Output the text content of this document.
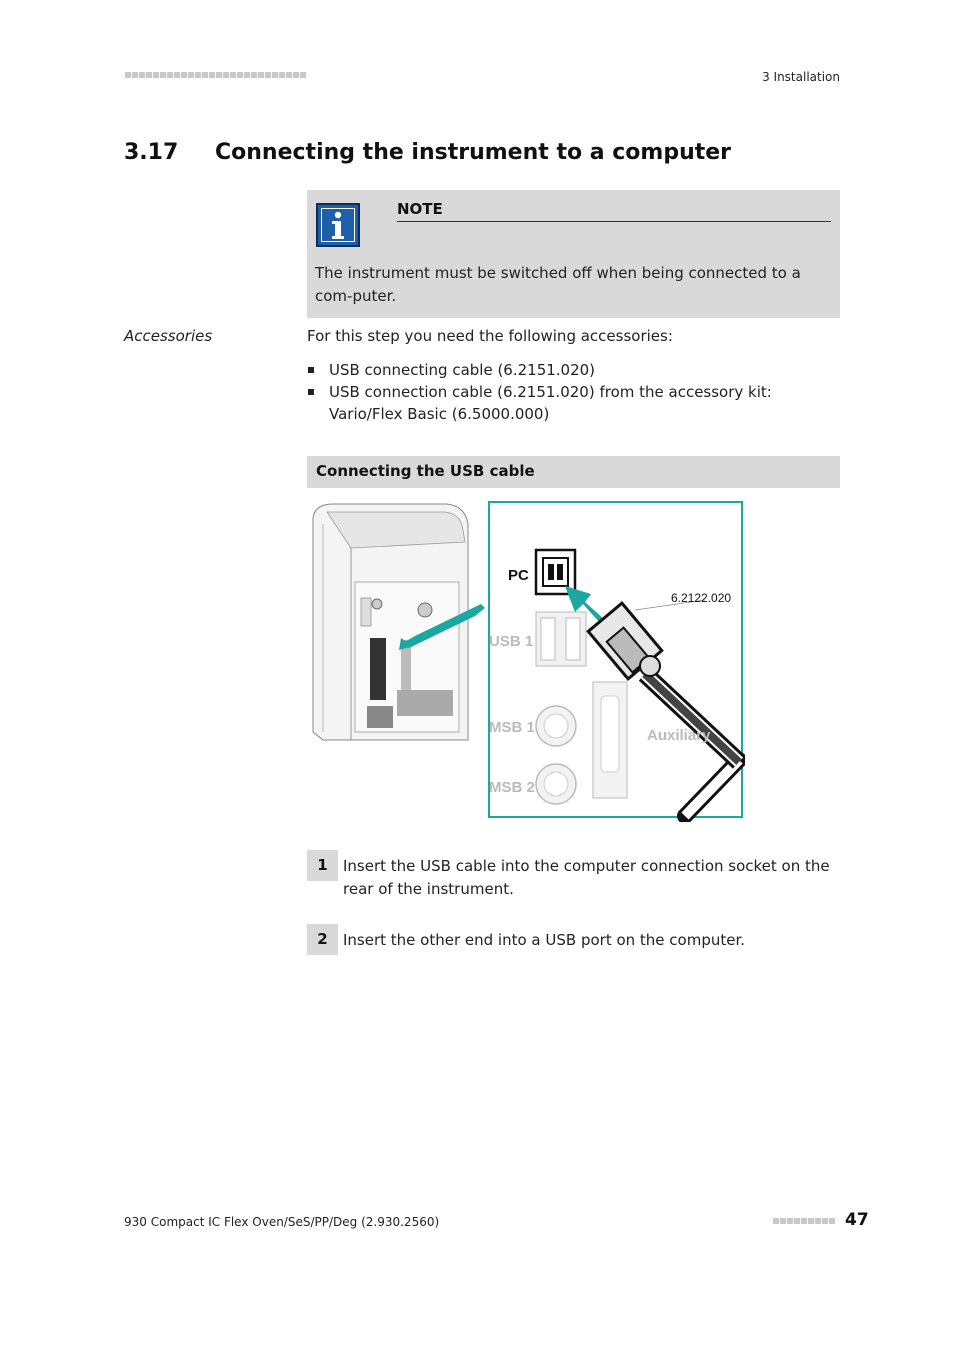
3 Installation
3.17 Connecting the instrument to a computer
NOTE
The instrument must be switched off when being connected to a com-puter.
Accessories	For this step you need the following accessories:
USB connecting cable (6.2151.020)
USB connection cable (6.2151.020) from the accessory kit: Vario/Flex Basic (6.5000.000)
Connecting the USB cable
PC
6.2122.020
USB 1
MSB 1
MSB 2
Auxiliary
1	Insert the USB cable into the computer connection socket on the rear of the instrument.
2	Insert the other end into a USB port on the computer.
930 Compact IC Flex Oven/SeS/PP/Deg (2.930.2560)	47
